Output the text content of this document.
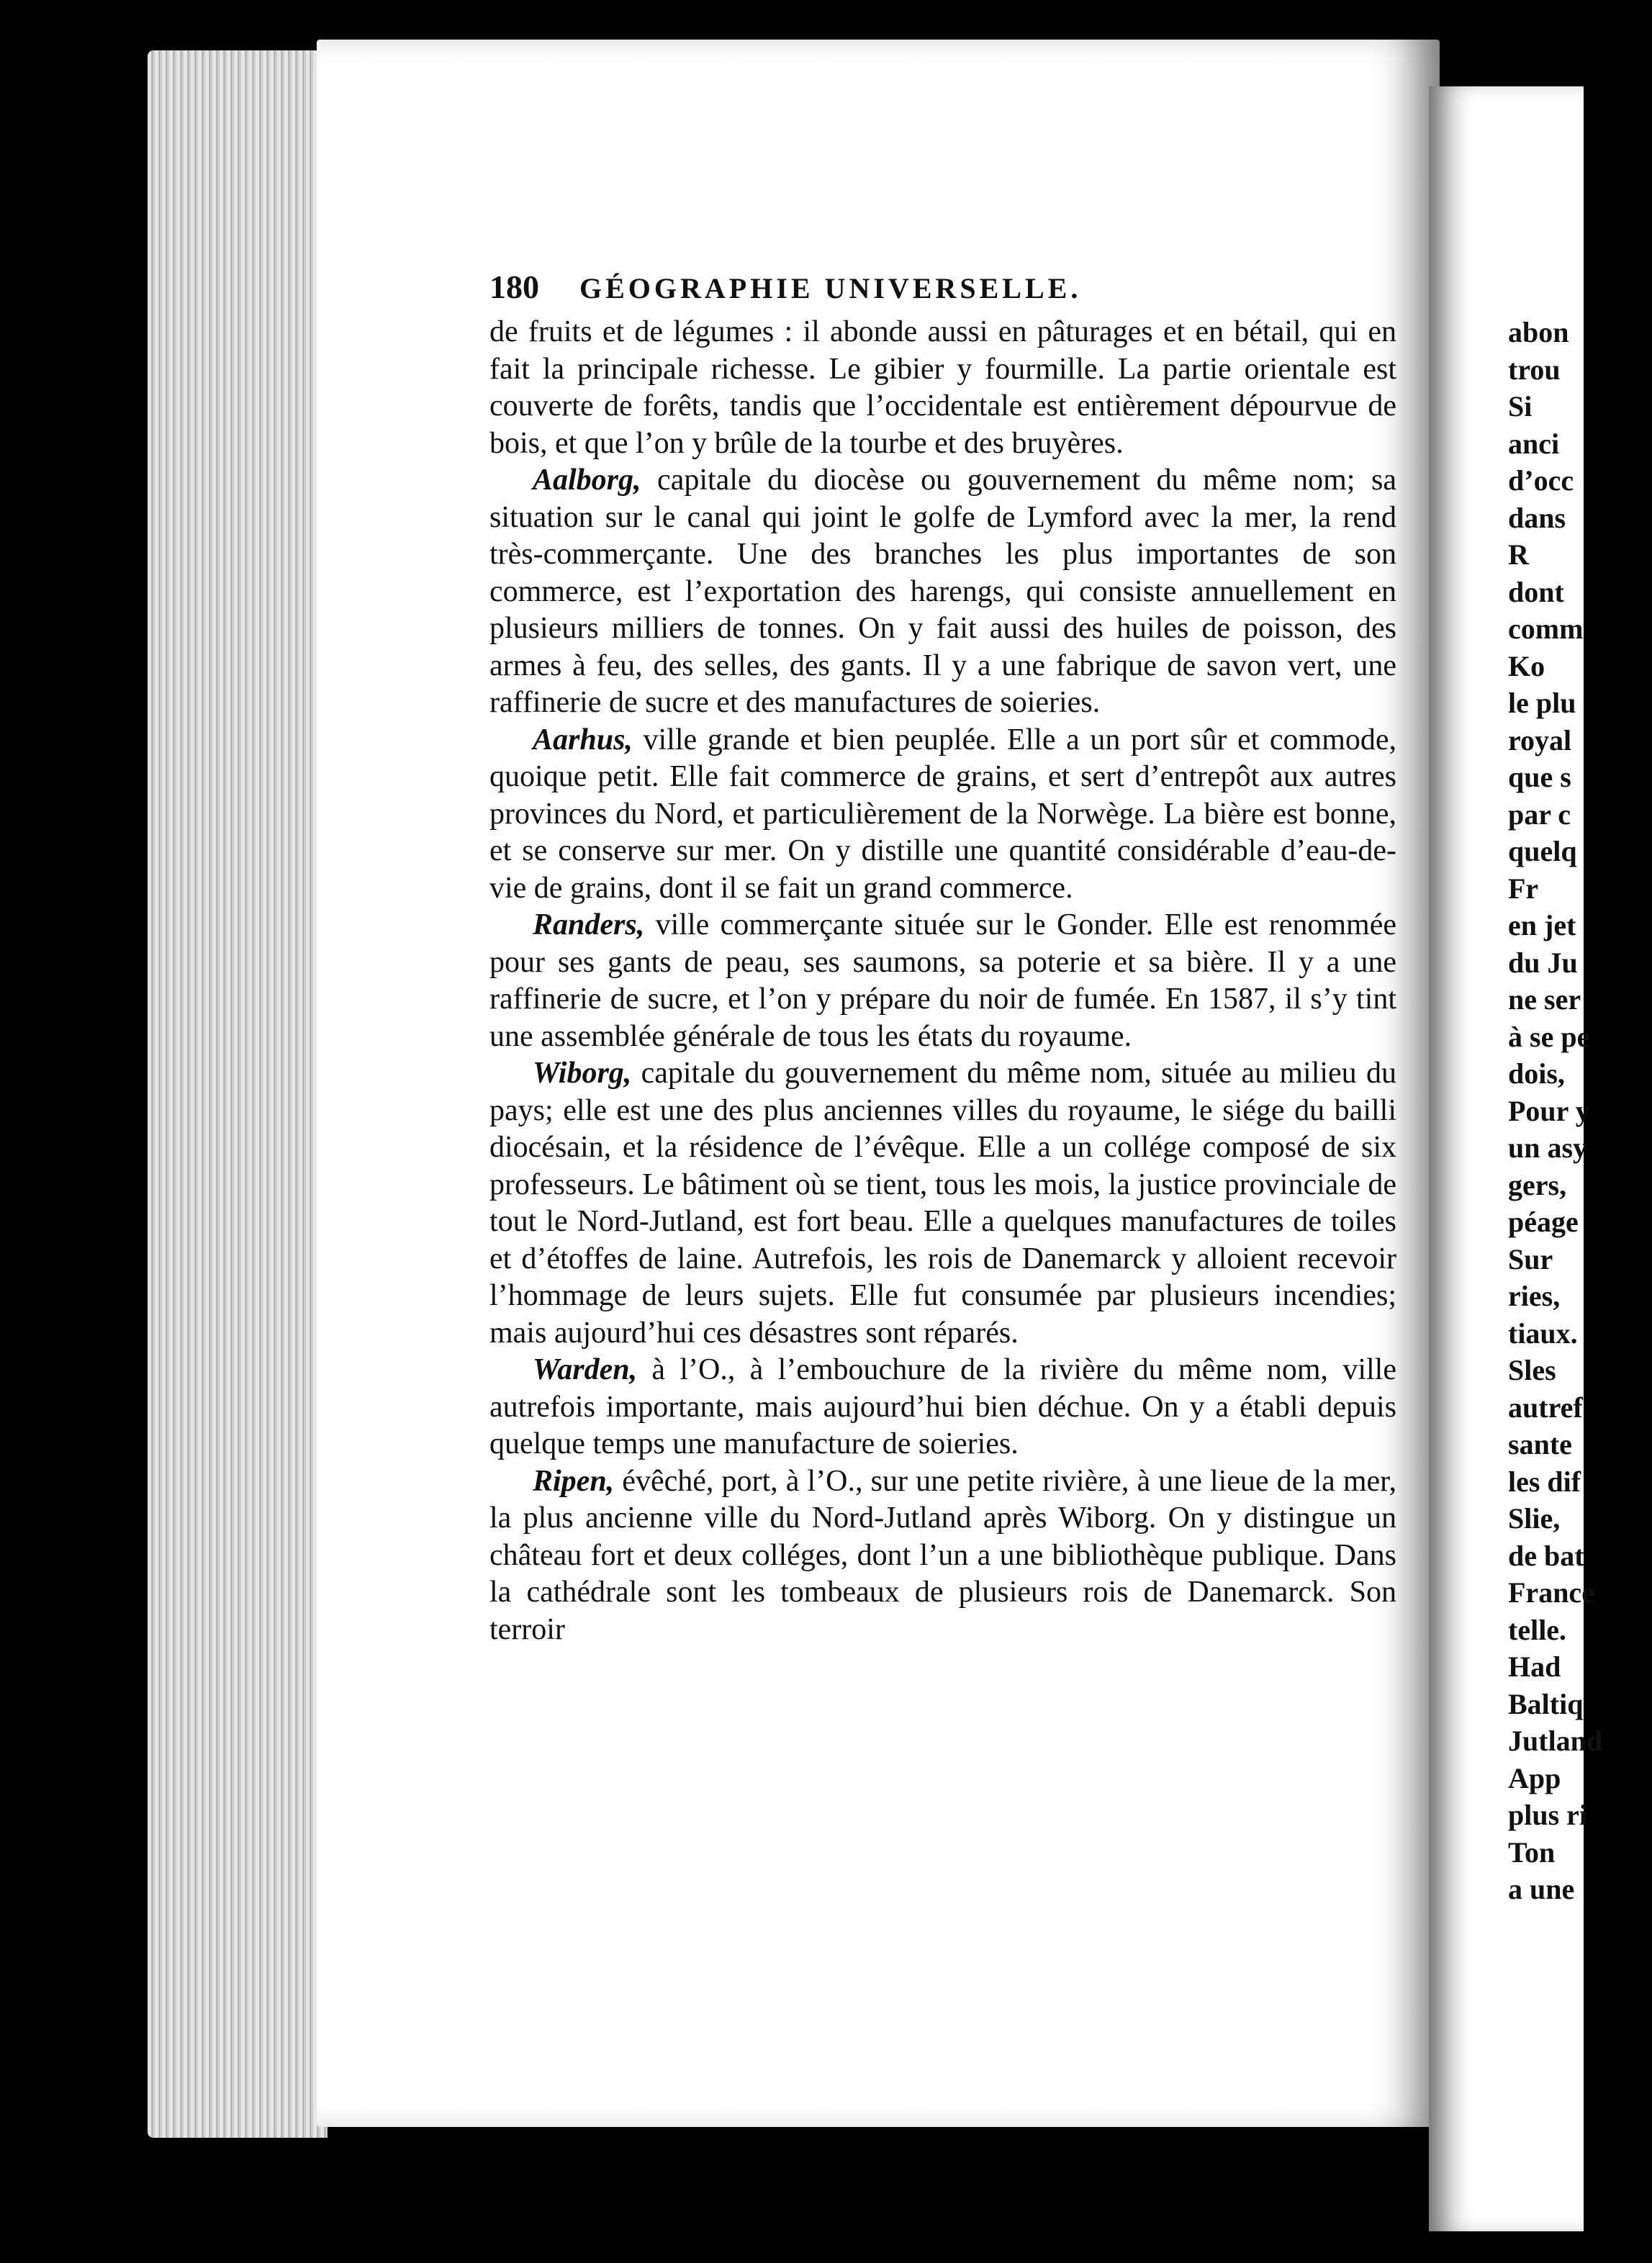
180 GÉOGRAPHIE UNIVERSELLE.

de fruits et de légumes : il abonde aussi en pâturages et en bétail, qui en fait la principale richesse. Le gibier y fourmille. La partie orientale est couverte de forêts, tandis que l’occidentale est entièrement dépourvue de bois, et que l’on y brûle de la tourbe et des bruyères.

Aalborg, capitale du diocèse ou gouvernement du même nom; sa situation sur le canal qui joint le golfe de Lymford avec la mer, la rend très-commerçante. Une des branches les plus importantes de son commerce, est l’exportation des harengs, qui consiste annuellement en plusieurs milliers de tonnes. On y fait aussi des huiles de poisson, des armes à feu, des selles, des gants. Il y a une fabrique de savon vert, une raffinerie de sucre et des manufactures de soieries.

Aarhus, ville grande et bien peuplée. Elle a un port sûr et commode, quoique petit. Elle fait commerce de grains, et sert d’entrepôt aux autres provinces du Nord, et particulièrement de la Norwège. La bière est bonne, et se conserve sur mer. On y distille une quantité considérable d’eau-de-vie de grains, dont il se fait un grand commerce.

Randers, ville commerçante située sur le Gonder. Elle est renommée pour ses gants de peau, ses saumons, sa poterie et sa bière. Il y a une raffinerie de sucre, et l’on y prépare du noir de fumée. En 1587, il s’y tint une assemblée générale de tous les états du royaume.

Wiborg, capitale du gouvernement du même nom, située au milieu du pays; elle est une des plus anciennes villes du royaume, le siége du bailli diocésain, et la résidence de l’évêque. Elle a un collége composé de six professeurs. Le bâtiment où se tient, tous les mois, la justice provinciale de tout le Nord-Jutland, est fort beau. Elle a quelques manufactures de toiles et d’étoffes de laine. Autrefois, les rois de Danemarck y alloient recevoir l’hommage de leurs sujets. Elle fut consumée par plusieurs incendies; mais aujourd’hui ces désastres sont réparés.

Warden, à l’O., à l’embouchure de la rivière du même nom, ville autrefois importante, mais aujourd’hui bien déchue. On y a établi depuis quelque temps une manufacture de soieries.

Ripen, évêché, port, à l’O., sur une petite rivière, à une lieue de la mer, la plus ancienne ville du Nord-Jutland après Wiborg. On y distingue un château fort et deux colléges, dont l’un a une bibliothèque publique. Dans la cathédrale sont les tombeaux de plusieurs rois de Danemarck. Son terroir

abon
trou
Si
anci
d’occ
dans
R
dont
comm
Ko
le plu
royal
que s
par c
quelq
Fr
en jet
du Ju
ne ser
à se pe
dois,
Pour y
un asy
gers,
péage
Sur
ries,
tiaux.
Sles
autref
sante
les dif
Slie,
de bat
France
telle.
Had
Baltiq
Jutland
App
plus ri
Ton
a une
